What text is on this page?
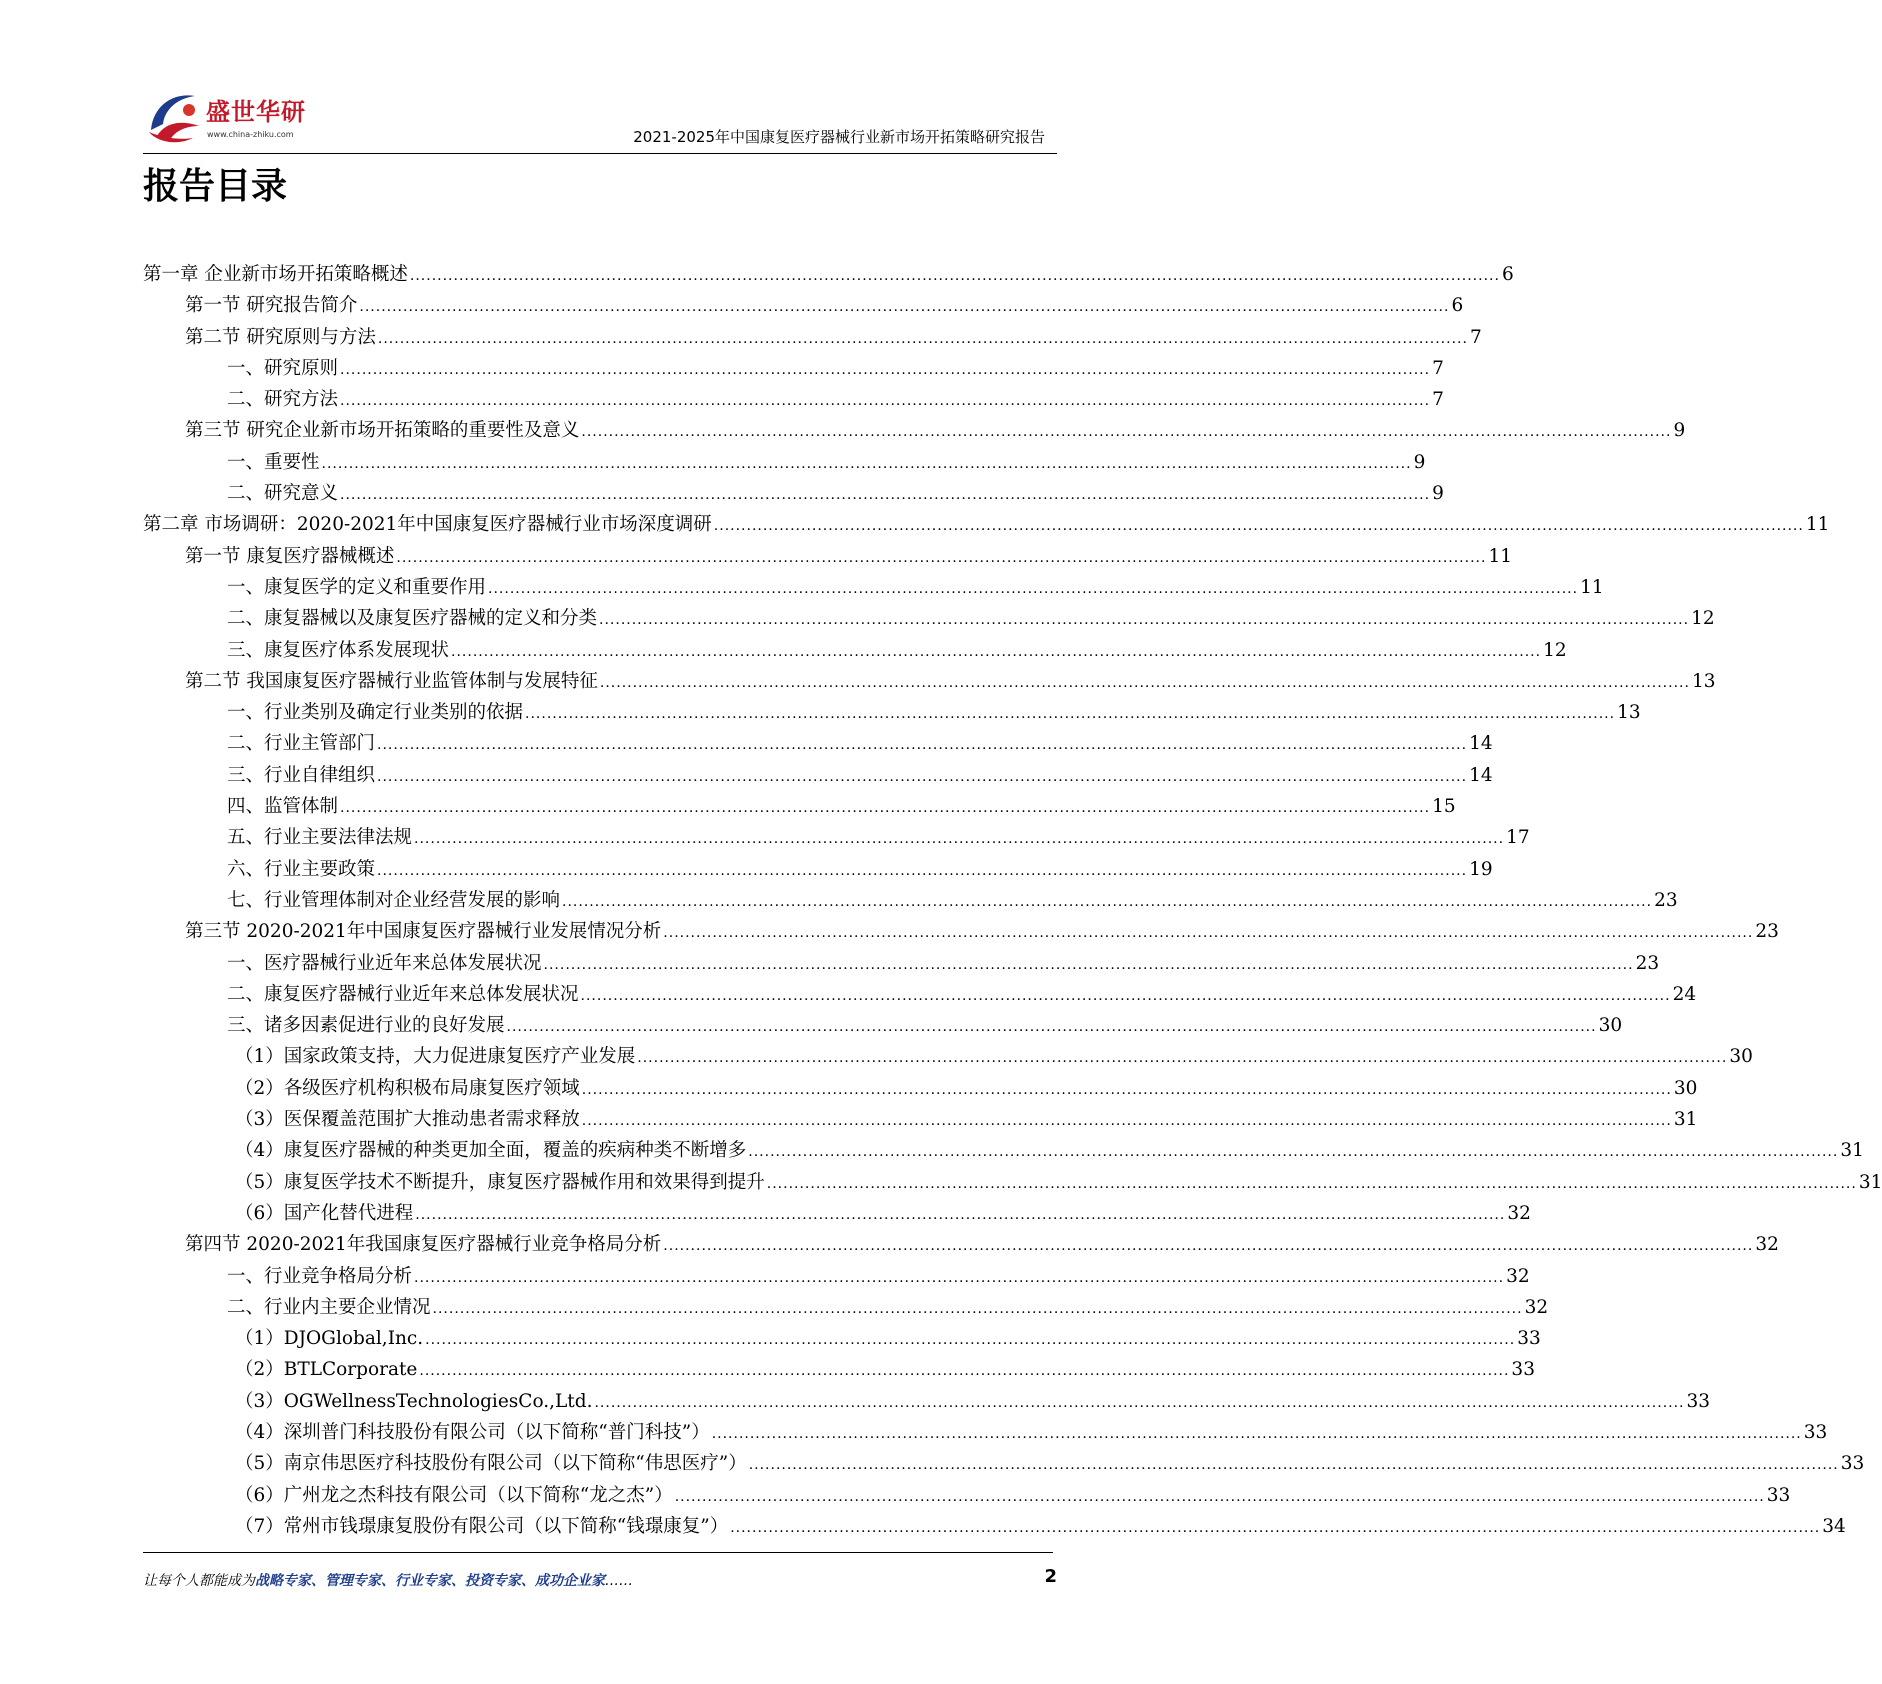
盛世华研
www.china-zhiku.com	2021-2025年中国康复医疗器械行业新市场开拓策略研究报告
报告目录
第一章 企业新市场开拓策略概述 ........................................................................................................................................................................................................ 6
第一节 研究报告简介 ........................................................................................................................................................................................................ 6
第二节 研究原则与方法 ........................................................................................................................................................................................................ 7
一、研究原则 ........................................................................................................................................................................................................ 7
二、研究方法 ........................................................................................................................................................................................................ 7
第三节 研究企业新市场开拓策略的重要性及意义 ........................................................................................................................................................................................................ 9
一、重要性 ........................................................................................................................................................................................................ 9
二、研究意义 ........................................................................................................................................................................................................ 9
第二章 市场调研：2020-2021年中国康复医疗器械行业市场深度调研 ........................................................................................................................................................................................................ 11
第一节 康复医疗器械概述 ........................................................................................................................................................................................................ 11
一、康复医学的定义和重要作用 ........................................................................................................................................................................................................ 11
二、康复器械以及康复医疗器械的定义和分类 ........................................................................................................................................................................................................ 12
三、康复医疗体系发展现状 ........................................................................................................................................................................................................ 12
第二节 我国康复医疗器械行业监管体制与发展特征 ........................................................................................................................................................................................................ 13
一、行业类别及确定行业类别的依据 ........................................................................................................................................................................................................ 13
二、行业主管部门 ........................................................................................................................................................................................................ 14
三、行业自律组织 ........................................................................................................................................................................................................ 14
四、监管体制 ........................................................................................................................................................................................................ 15
五、行业主要法律法规 ........................................................................................................................................................................................................ 17
六、行业主要政策 ........................................................................................................................................................................................................ 19
七、行业管理体制对企业经营发展的影响 ........................................................................................................................................................................................................ 23
第三节 2020-2021年中国康复医疗器械行业发展情况分析 ........................................................................................................................................................................................................ 23
一、医疗器械行业近年来总体发展状况 ........................................................................................................................................................................................................ 23
二、康复医疗器械行业近年来总体发展状况 ........................................................................................................................................................................................................ 24
三、诸多因素促进行业的良好发展 ........................................................................................................................................................................................................ 30
（1）国家政策支持，大力促进康复医疗产业发展 ........................................................................................................................................................................................................ 30
（2）各级医疗机构积极布局康复医疗领域 ........................................................................................................................................................................................................ 30
（3）医保覆盖范围扩大推动患者需求释放 ........................................................................................................................................................................................................ 31
（4）康复医疗器械的种类更加全面，覆盖的疾病种类不断增多 ........................................................................................................................................................................................................ 31
（5）康复医学技术不断提升，康复医疗器械作用和效果得到提升 ........................................................................................................................................................................................................ 31
（6）国产化替代进程 ........................................................................................................................................................................................................ 32
第四节 2020-2021年我国康复医疗器械行业竞争格局分析 ........................................................................................................................................................................................................ 32
一、行业竞争格局分析 ........................................................................................................................................................................................................ 32
二、行业内主要企业情况 ........................................................................................................................................................................................................ 32
（1）DJOGlobal,Inc. ........................................................................................................................................................................................................ 33
（2）BTLCorporate ........................................................................................................................................................................................................ 33
（3）OGWellnessTechnologiesCo.,Ltd. ........................................................................................................................................................................................................ 33
（4）深圳普门科技股份有限公司（以下简称“普门科技”） ........................................................................................................................................................................................................ 33
（5）南京伟思医疗科技股份有限公司（以下简称“伟思医疗”） ........................................................................................................................................................................................................ 33
（6）广州龙之杰科技有限公司（以下简称“龙之杰”） ........................................................................................................................................................................................................ 33
（7）常州市钱璟康复股份有限公司（以下简称“钱璟康复”） ........................................................................................................................................................................................................ 34
让每个人都能成为战略专家、管理专家、行业专家、投资专家、成功企业家……	2
